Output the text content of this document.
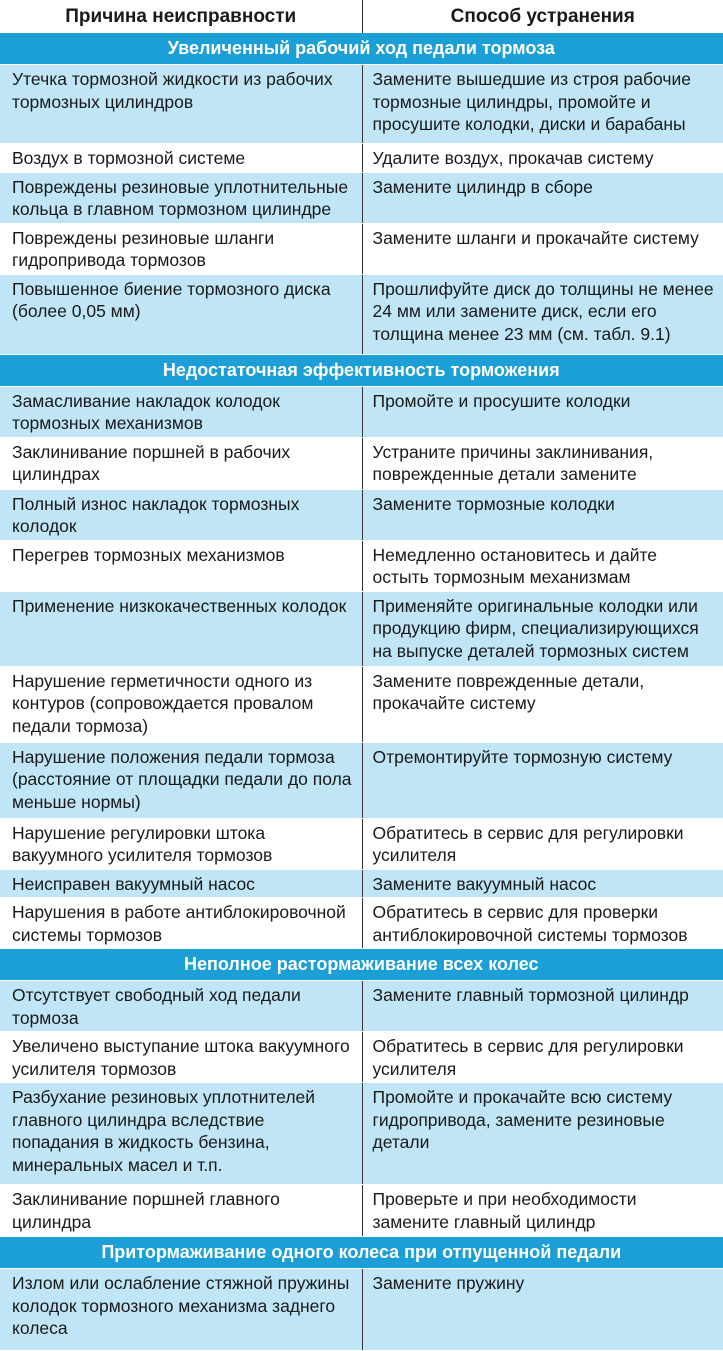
Причина неисправности	Способ устранения
Увеличенный рабочий ход педали тормоза	
Утечка тормозной жидкости из рабочих тормозных цилиндров	Замените вышедшие из строя рабочие тормозные цилиндры, промойте и просушите колодки, диски и барабаны
Воздух в тормозной системе	Удалите воздух, прокачав систему
Повреждены резиновые уплотнительные кольца в главном тормозном цилиндре	Замените цилиндр в сборе
Повреждены резиновые шланги гидропривода тормозов	Замените шланги и прокачайте систему
Повышенное биение тормозного диска (более 0,05 мм)	Прошлифуйте диск до толщины не менее 24 мм или замените диск, если его толщина менее 23 мм (см. табл. 9.1)
Недостаточная эффективность торможения	
Замасливание накладок колодок тормозных механизмов	Промойте и просушите колодки
Заклинивание поршней в рабочих цилиндрах	Устраните причины заклинивания, поврежденные детали замените
Полный износ накладок тормозных колодок	Замените тормозные колодки
Перегрев тормозных механизмов	Немедленно остановитесь и дайте остыть тормозным механизмам
Применение низкокачественных колодок	Применяйте оригинальные колодки или продукцию фирм, специализирующихся на выпуске деталей тормозных систем
Нарушение герметичности одного из контуров (сопровождается провалом педали тормоза)	Замените поврежденные детали, прокачайте систему
Нарушение положения педали тормоза (расстояние от площадки педали до пола меньше нормы)	Отремонтируйте тормозную систему
Нарушение регулировки штока вакуумного усилителя тормозов	Обратитесь в сервис для регулировки усилителя
Неисправен вакуумный насос	Замените вакуумный насос
Нарушения в работе антиблокировочной системы тормозов	Обратитесь в сервис для проверки антиблокировочной системы тормозов
Неполное растормаживание всех колес	
Отсутствует свободный ход педали тормоза	Замените главный тормозной цилиндр
Увеличено выступание штока вакуумного усилителя тормозов	Обратитесь в сервис для регулировки усилителя
Разбухание резиновых уплотнителей главного цилиндра вследствие попадания в жидкость бензина, минеральных масел и т.п.	Промойте и прокачайте всю систему гидропривода, замените резиновые детали
Заклинивание поршней главного цилиндра	Проверьте и при необходимости замените главный цилиндр
Притормаживание одного колеса при отпущенной педали	
Излом или ослабление стяжной пружины колодок тормозного механизма заднего колеса	Замените пружину
